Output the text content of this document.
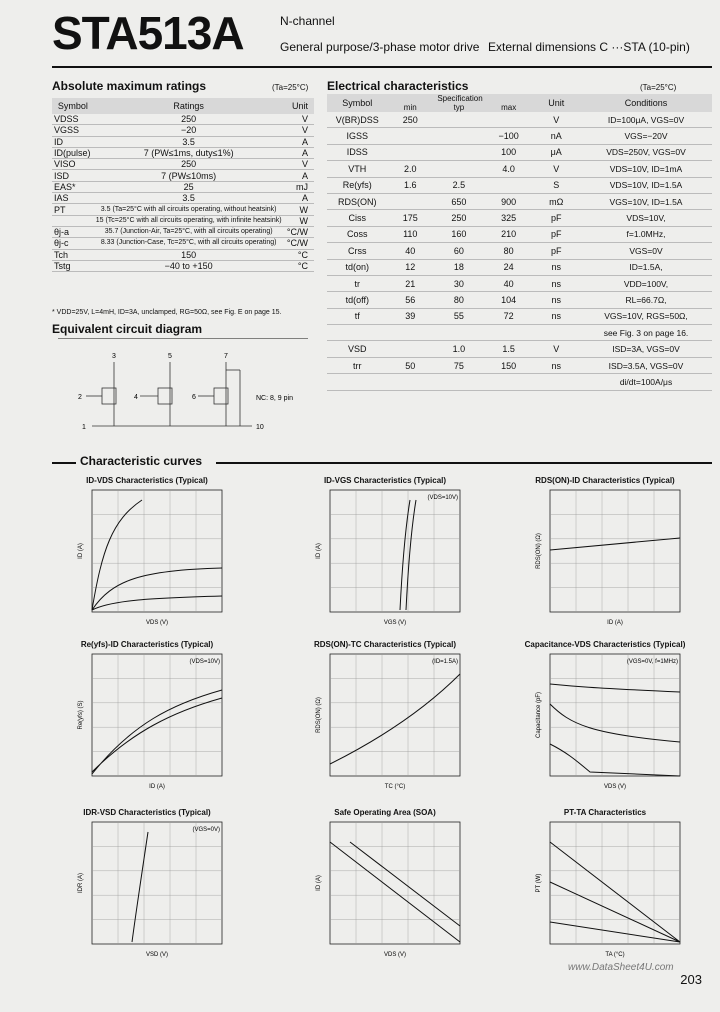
STA513A	N-channel
General purpose/3-phase motor drive External dimensions C ···STA (10-pin)
Absolute maximum ratings	(Ta=25°C)
Symbol	Ratings	Unit
VDSS	250	V
VGSS	−20	V
ID	3.5	A
ID(pulse)	7 (PW≤1ms, duty≤1%)	A
VISO	250	V
ISD	7 (PW≤10ms)	A
EAS*	25	mJ
IAS	3.5	A
PT	3.5 (Ta=25°C with all circuits operating, without heatsink)	W
	15 (Tc=25°C with all circuits operating, with infinite heatsink)	W
θj-a	35.7 (Junction-Air, Ta=25°C, with all circuits operating)	°C/W
θj-c	8.33 (Junction-Case, Tc=25°C, with all circuits operating)	°C/W
Tch	150	°C
Tstg	−40 to +150	°C
* VDD=25V, L=4mH, ID=3A, unclamped, RG=50Ω, see Fig. E on page 15.
Equivalent circuit diagram
3	5	7
2	4	6
1	10
NC: 8, 9 pin
Electrical characteristics	(Ta=25°C)
Symbol	Specification			Unit	Conditions
	min	typ	max		
V(BR)DSS	250			V	ID=100μA, VGS=0V
IGSS			−100	nA	VGS=−20V
IDSS			100	μA	VDS=250V, VGS=0V
VTH	2.0		4.0	V	VDS=10V, ID=1mA
Re(yfs)	1.6	2.5		S	VDS=10V, ID=1.5A
RDS(ON)		650	900	mΩ	VGS=10V, ID=1.5A
Ciss	175	250	325	pF	VDS=10V,
Coss	110	160	210	pF	f=1.0MHz,
Crss	40	60	80	pF	VGS=0V
td(on)	12	18	24	ns	ID=1.5A,
tr	21	30	40	ns	VDD=100V,
td(off)	56	80	104	ns	RL=66.7Ω,
tf	39	55	72	ns	VGS=10V, RGS=50Ω,
					see Fig. 3 on page 16.
VSD		1.0	1.5	V	ISD=3A, VGS=0V
trr	50	75	150	ns	ISD=3.5A, VGS=0V
					di/dt=100A/μs
Characteristic curves
ID-VDS Characteristics (Typical)
VDS (V)
ID (A)
ID-VGS Characteristics (Typical)
VGS (V)
ID (A)
(VDS=10V)
RDS(ON)-ID Characteristics (Typical)
ID (A)
RDS(ON) (Ω)
Re(yfs)-ID Characteristics (Typical)
ID (A)
Re(yfs) (S)
(VDS=10V)
RDS(ON)-TC Characteristics (Typical)
TC (°C)
RDS(ON) (Ω)
(ID=1.5A)
Capacitance-VDS Characteristics (Typical)
VDS (V)
Capacitance (pF)
(VGS=0V, f=1MHz)
IDR-VSD Characteristics (Typical)
VSD (V)
IDR (A)
(VGS=0V)
Safe Operating Area (SOA)
VDS (V)
ID (A)
PT-TA Characteristics
TA (°C)
PT (W)
www.DataSheet4U.com
203
